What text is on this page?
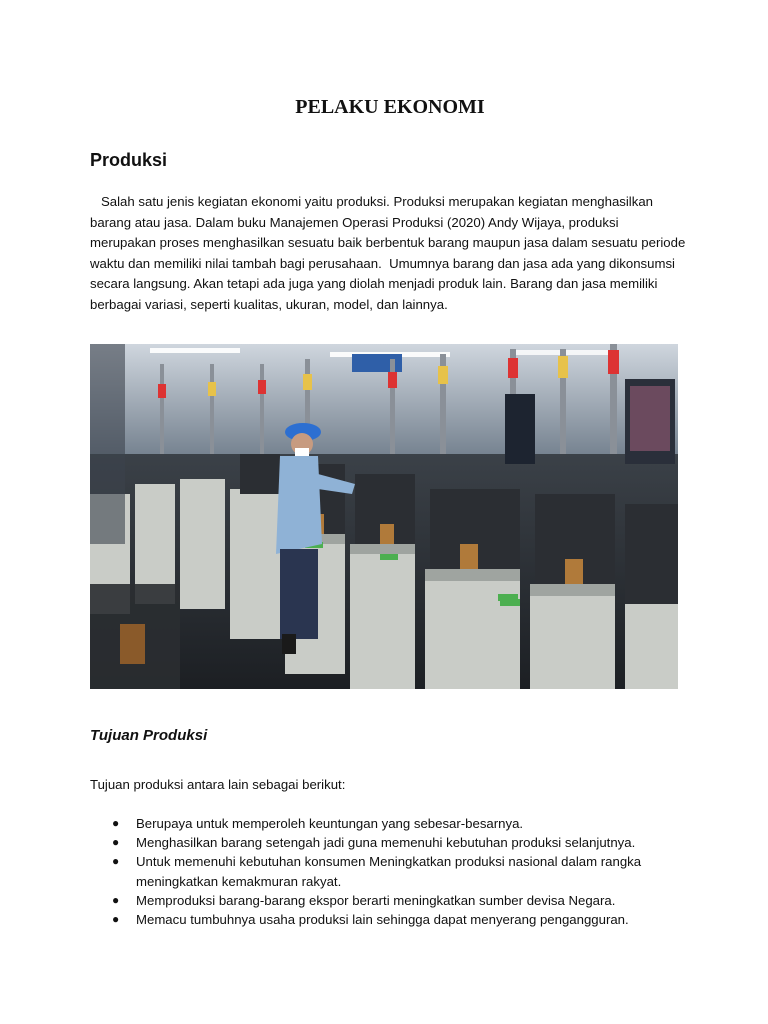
PELAKU EKONOMI
Produksi

Salah satu jenis kegiatan ekonomi yaitu produksi. Produksi merupakan kegiatan menghasilkan barang atau jasa. Dalam buku Manajemen Operasi Produksi (2020) Andy Wijaya, produksi merupakan proses menghasilkan sesuatu baik berbentuk barang maupun jasa dalam sesuatu periode waktu dan memiliki nilai tambah bagi perusahaan.  Umumnya barang dan jasa ada yang dikonsumsi secara langsung. Akan tetapi ada juga yang diolah menjadi produk lain. Barang dan jasa memiliki berbagai variasi, seperti kualitas, ukuran, model, dan lainnya.

Tujuan Produksi

Tujuan produksi antara lain sebagai berikut:

● Berupaya untuk memperoleh keuntungan yang sebesar-besarnya.
● Menghasilkan barang setengah jadi guna memenuhi kebutuhan produksi selanjutnya.
● Untuk memenuhi kebutuhan konsumen Meningkatkan produksi nasional dalam rangka meningkatkan kemakmuran rakyat.
● Memproduksi barang-barang ekspor berarti meningkatkan sumber devisa Negara.
● Memacu tumbuhnya usaha produksi lain sehingga dapat menyerang pengangguran.
